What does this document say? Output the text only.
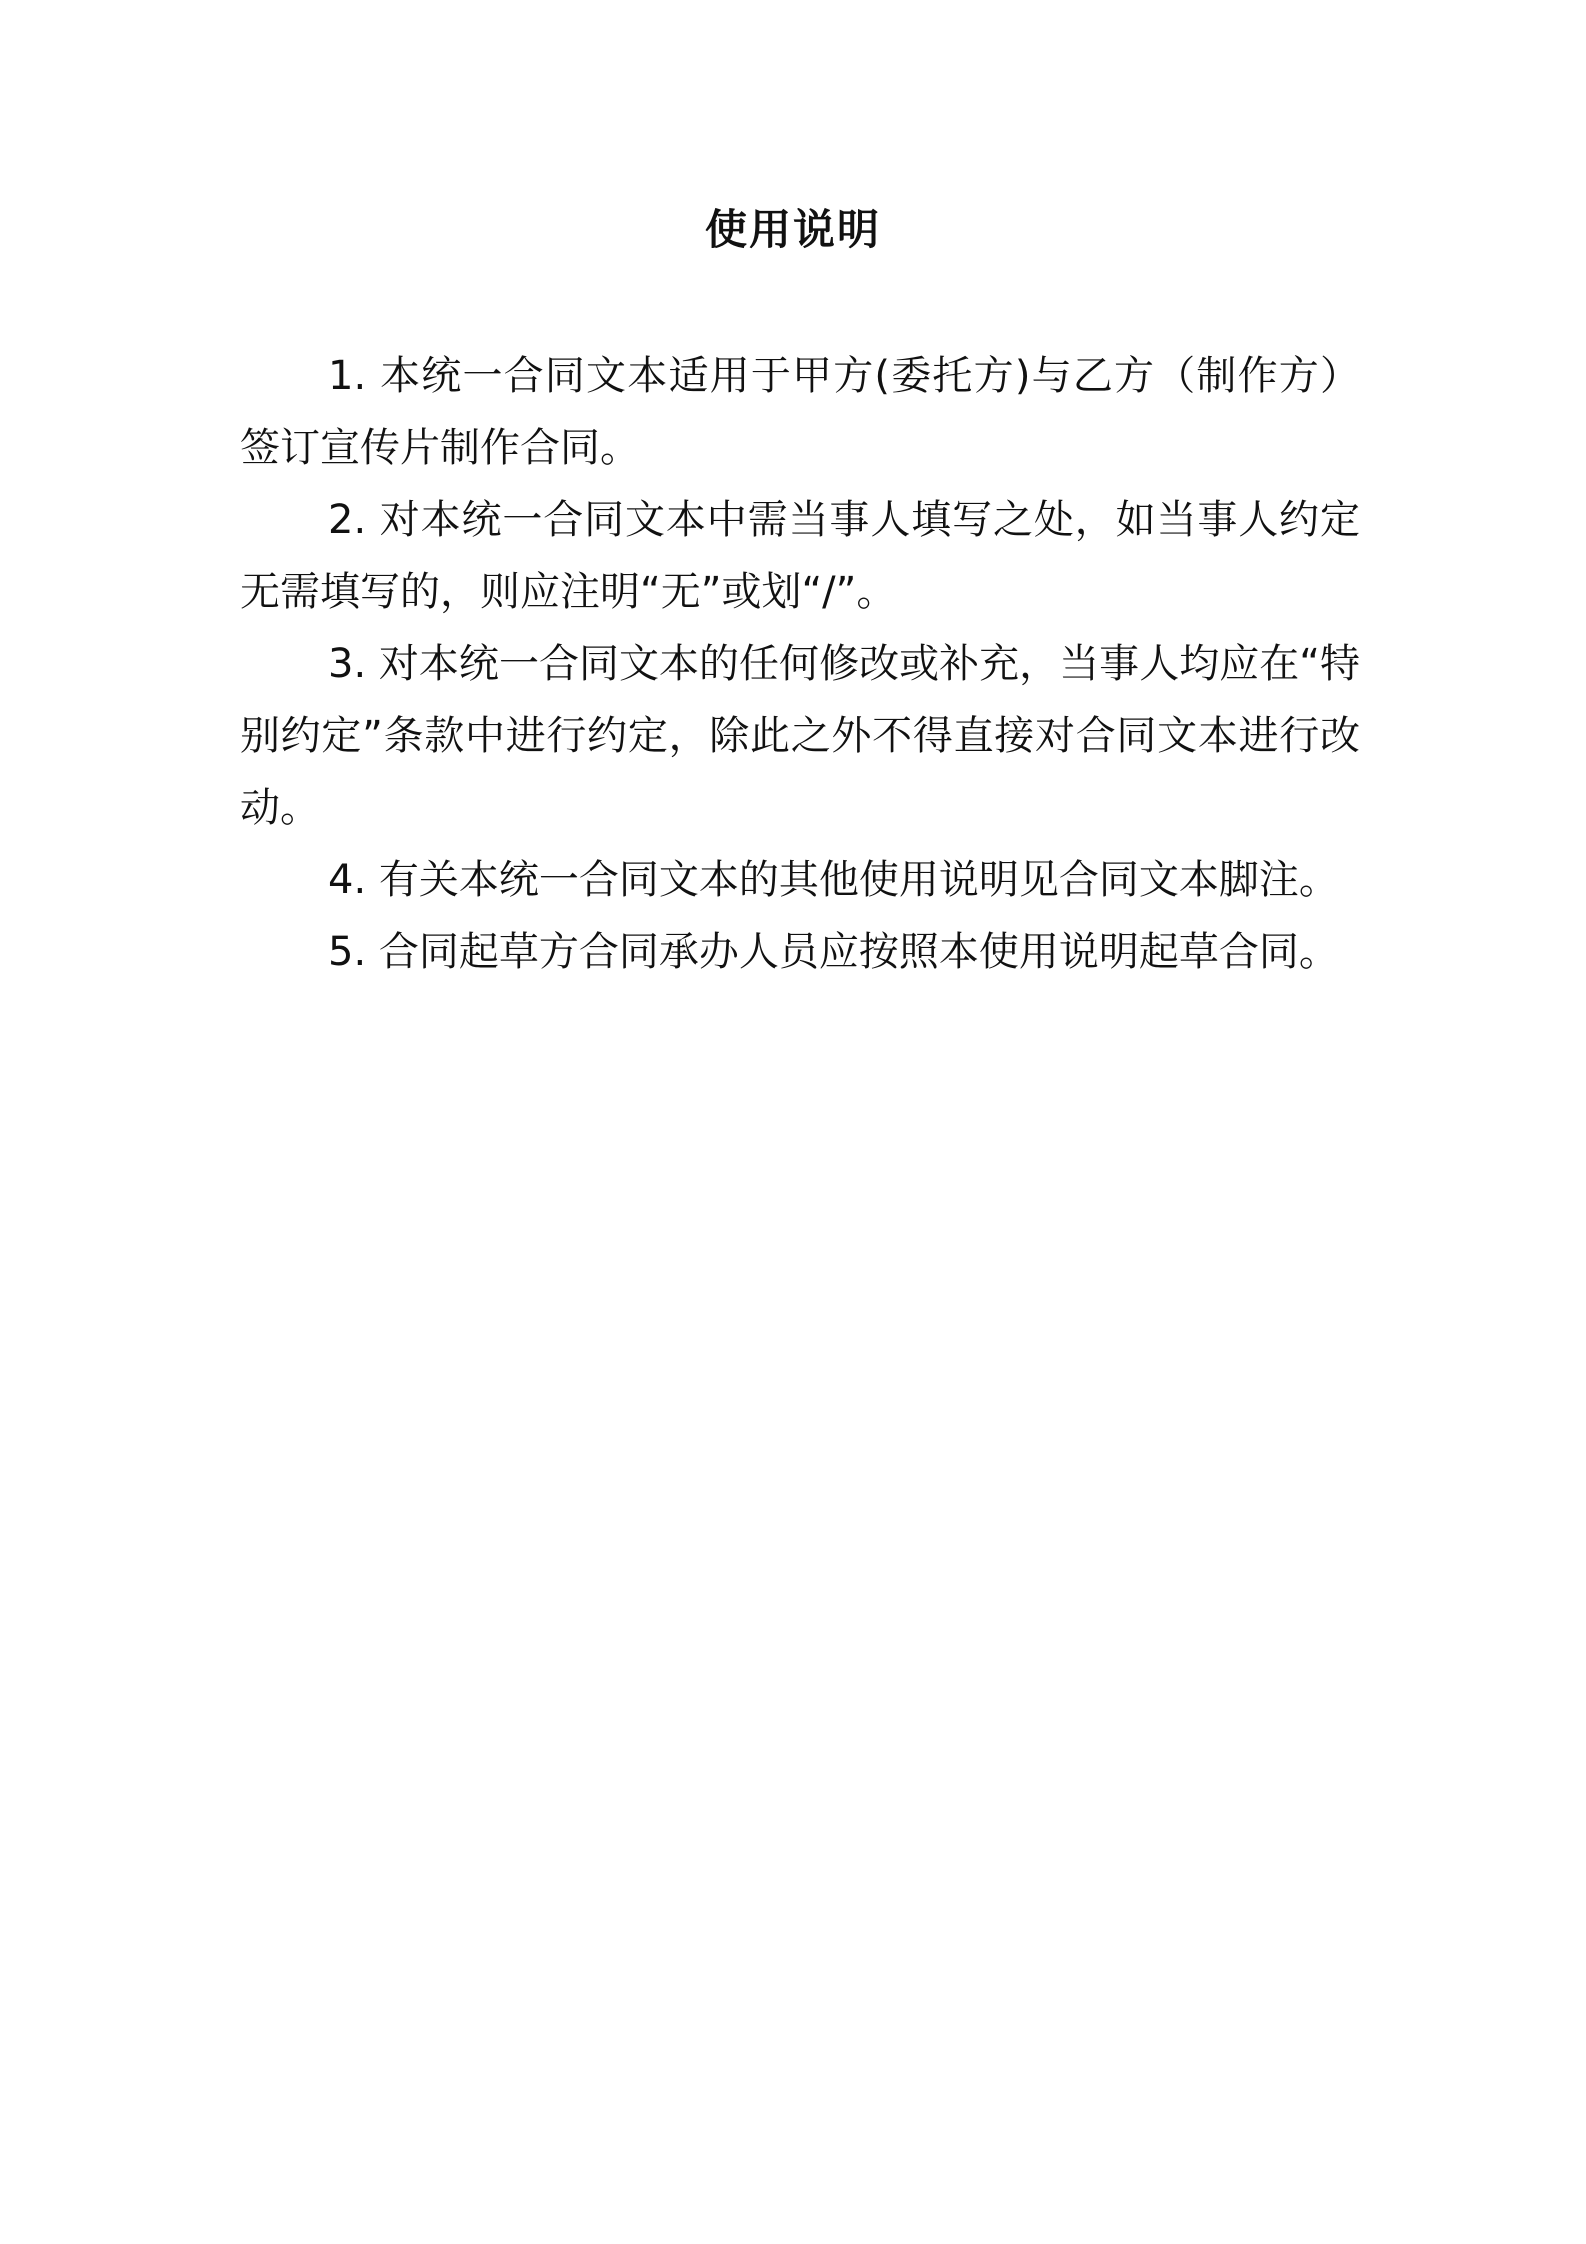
使用说明

1. 本统一合同文本适用于甲方(委托方)与乙方（制作方）签订宣传片制作合同。

2. 对本统一合同文本中需当事人填写之处，如当事人约定无需填写的，则应注明“无”或划“/”。

3. 对本统一合同文本的任何修改或补充，当事人均应在“特别约定”条款中进行约定，除此之外不得直接对合同文本进行改动。

4. 有关本统一合同文本的其他使用说明见合同文本脚注。

5. 合同起草方合同承办人员应按照本使用说明起草合同。
